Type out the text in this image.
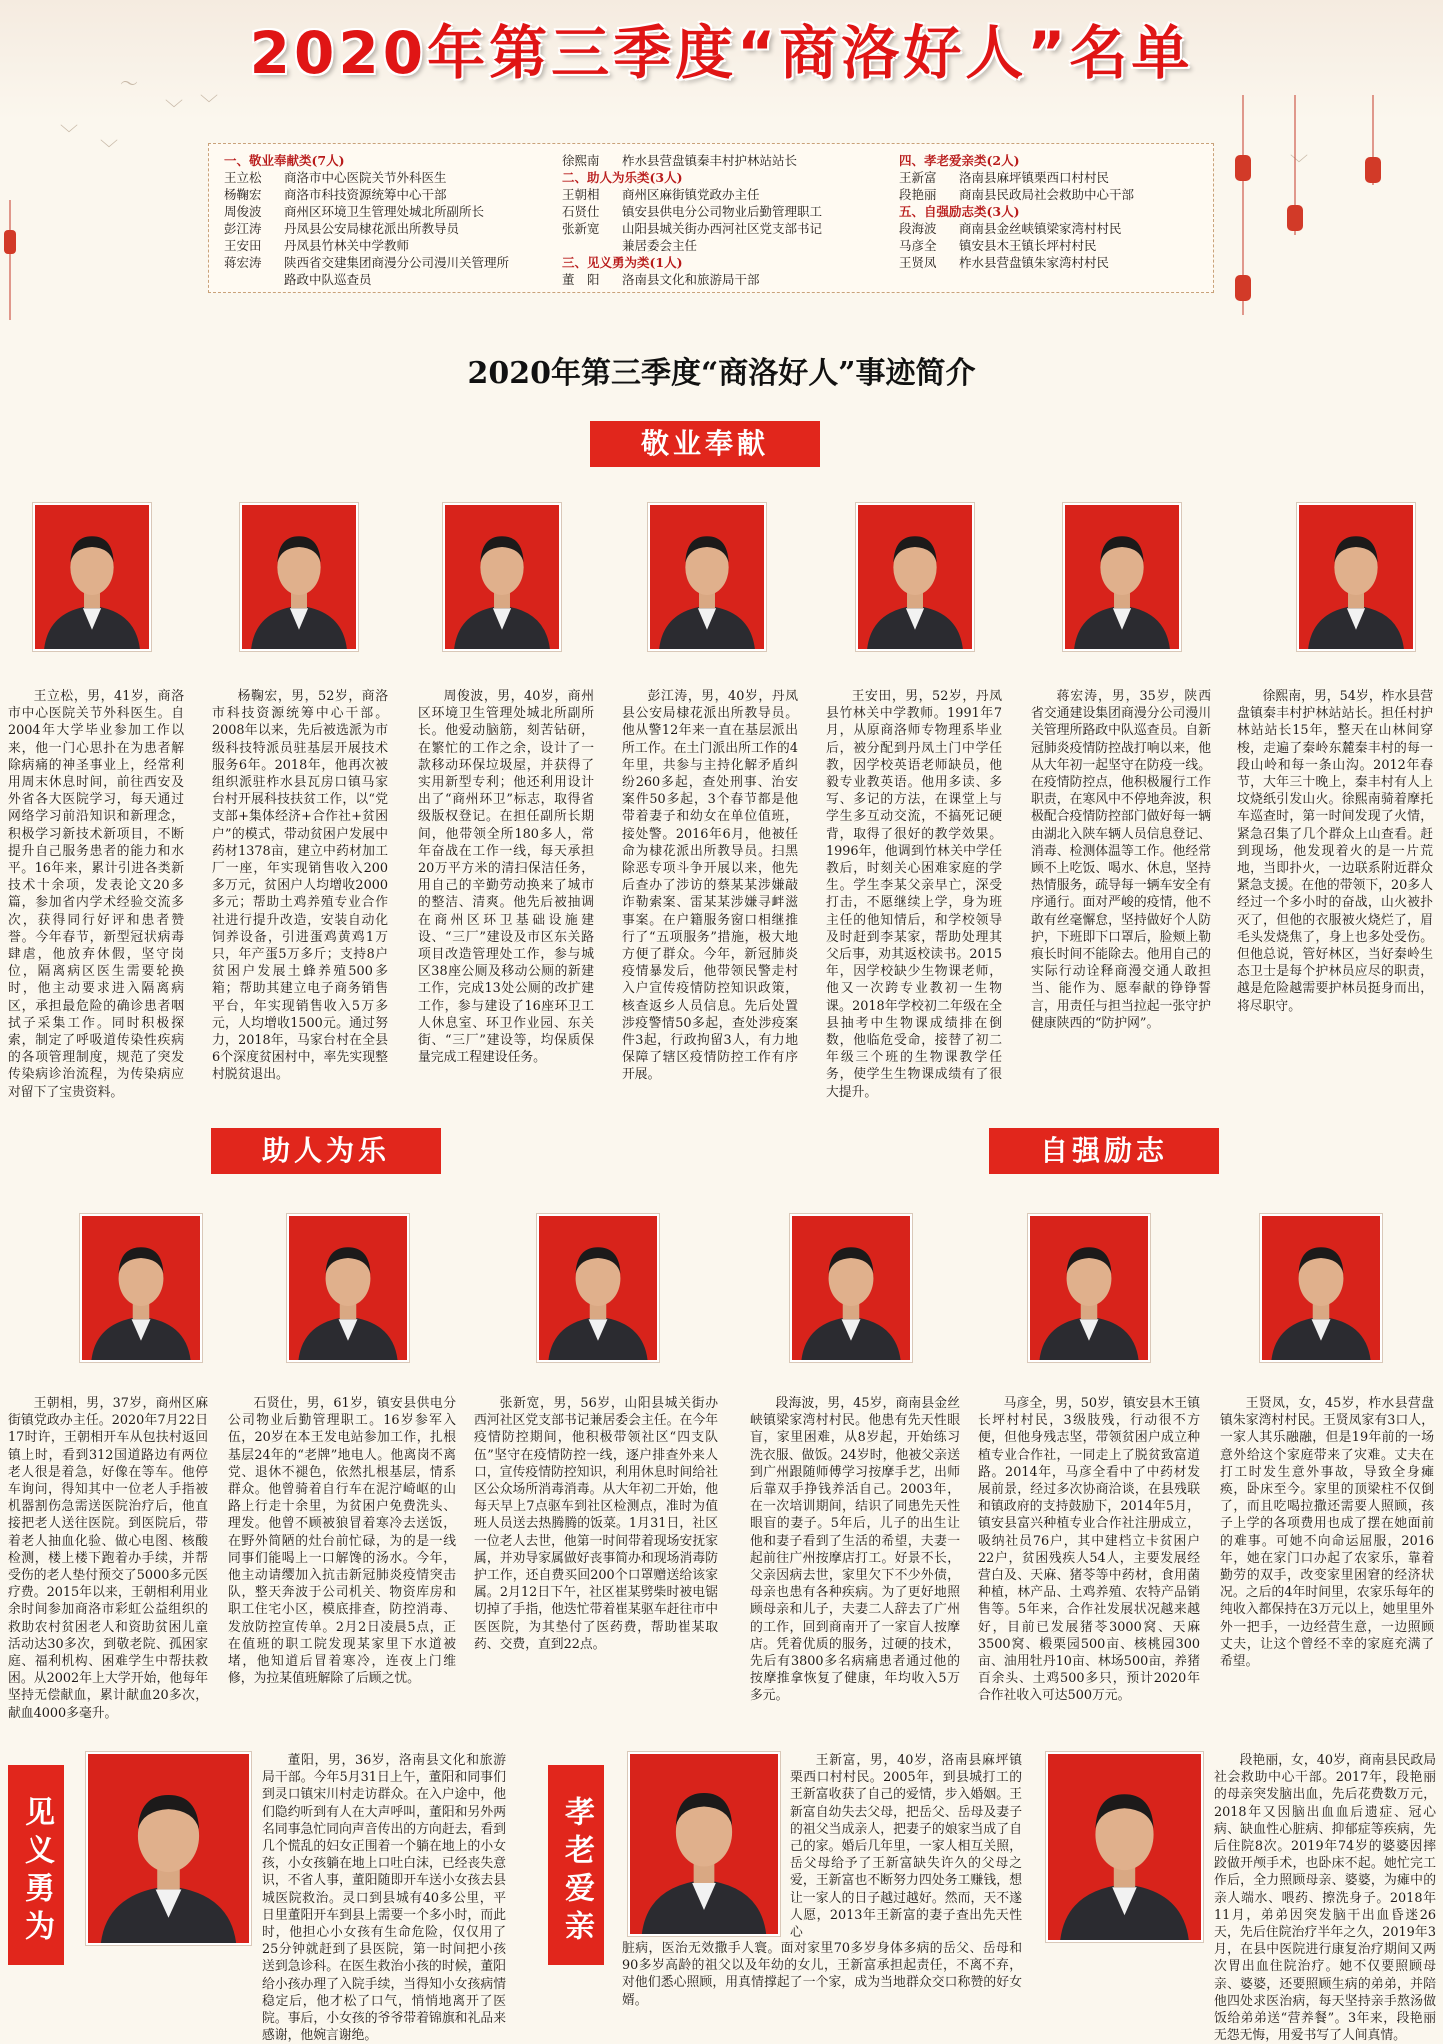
〜
﹀
﹀
﹀
﹀
﹀
2020年第三季度“商洛好人”名单
一、敬业奉献类(7人)
王立松 商洛市中心医院关节外科医生
杨鞠宏 商洛市科技资源统筹中心干部
周俊波 商州区环境卫生管理处城北所副所长
彭江涛 丹凤县公安局棣花派出所教导员
王安田 丹凤县竹林关中学教师
蒋宏涛 陕西省交建集团商漫分公司漫川关管理所
路政中队巡查员
徐熙南 柞水县营盘镇秦丰村护林站站长
二、助人为乐类(3人)
王朝相 商州区麻街镇党政办主任
石贤仕 镇安县供电分公司物业后勤管理职工
张新宽 山阳县城关街办西河社区党支部书记
兼居委会主任
三、见义勇为类(1人)
董　阳 洛南县文化和旅游局干部
四、孝老爱亲类(2人)
王新富 洛南县麻坪镇栗西口村村民
段艳丽 商南县民政局社会救助中心干部
五、自强励志类(3人)
段海波 商南县金丝峡镇梁家湾村村民
马彦全 镇安县木王镇长坪村村民
王贤凤 柞水县营盘镇朱家湾村村民
2020年第三季度“商洛好人”事迹简介
敬业奉献
助人为乐	自强励志
见义勇为	孝老爱亲
王立松，男，41岁，商洛市中心医院关节外科医生。自2004年大学毕业参加工作以来，他一门心思扑在为患者解除病痛的神圣事业上，经常利用周末休息时间，前往西安及外省各大医院学习，每天通过网络学习前沿知识和新理念，积极学习新技术新项目，不断提升自己服务患者的能力和水平。16年来，累计引进各类新技术十余项，发表论文20多篇，参加省内学术经验交流多次，获得同行好评和患者赞誉。今年春节，新型冠状病毒肆虐，他放弃休假，坚守岗位，隔离病区医生需要轮换时，他主动要求进入隔离病区，承担最危险的确诊患者咽拭子采集工作。同时积极探索，制定了呼吸道传染性疾病的各项管理制度，规范了突发传染病诊治流程，为传染病应对留下了宝贵资料。
杨鞠宏，男，52岁，商洛市科技资源统筹中心干部。2008年以来，先后被选派为市级科技特派员驻基层开展技术服务6年。2018年，他再次被组织派驻柞水县瓦房口镇马家台村开展科技扶贫工作，以“党支部+集体经济+合作社+贫困户”的模式，带动贫困户发展中药材1378亩，建立中药材加工厂一座，年实现销售收入200多万元，贫困户人均增收2000多元；帮助土鸡养殖专业合作社进行提升改造，安装自动化饲养设备，引进蛋鸡黄鸡1万只，年产蛋5万多斤；支持8户贫困户发展土蜂养殖500多箱；帮助其建立电子商务销售平台，年实现销售收入5万多元，人均增收1500元。通过努力，2018年，马家台村在全县6个深度贫困村中，率先实现整村脱贫退出。
周俊波，男，40岁，商州区环境卫生管理处城北所副所长。他爱动脑筋，刻苦钻研，在繁忙的工作之余，设计了一款移动环保垃圾屋，并获得了实用新型专利；他还利用设计出了“商州环卫”标志，取得省级版权登记。在担任副所长期间，他带领全所180多人，常年奋战在工作一线，每天承担20万平方米的清扫保洁任务，用自己的辛勤劳动换来了城市的整洁、清爽。他先后被抽调在商州区环卫基础设施建设、“三厂”建设及市区东关路项目改造管理处工作，参与城区38座公厕及移动公厕的新建工作，完成13处公厕的改扩建工作，参与建设了16座环卫工人休息室、环卫作业园、东关街、“三厂”建设等，均保质保量完成工程建设任务。
彭江涛，男，40岁，丹凤县公安局棣花派出所教导员。他从警12年来一直在基层派出所工作。在土门派出所工作的4年里，共参与主持化解矛盾纠纷260多起，查处刑事、治安案件50多起，3个春节都是他带着妻子和幼女在单位值班，接处警。2016年6月，他被任命为棣花派出所教导员。扫黑除恶专项斗争开展以来，他先后查办了涉访的蔡某某涉嫌敲诈勒索案、雷某某涉嫌寻衅滋事案。在户籍服务窗口相继推行了“五项服务”措施，极大地方便了群众。今年，新冠肺炎疫情暴发后，他带领民警走村入户宣传疫情防控知识政策，核查返乡人员信息。先后处置涉疫警情50多起，查处涉疫案件3起，行政拘留3人，有力地保障了辖区疫情防控工作有序开展。
王安田，男，52岁，丹凤县竹林关中学教师。1991年7月，从原商洛师专物理系毕业后，被分配到丹凤土门中学任教，因学校英语老师缺员，他毅专业教英语。他用多读、多写、多记的方法，在课堂上与学生多互动交流，不搞死记硬背，取得了很好的教学效果。1996年，他调到竹林关中学任教后，时刻关心困难家庭的学生。学生李某父亲早亡，深受打击，不愿继续上学，身为班主任的他知情后，和学校领导及时赶到李某家，帮助处理其父后事，劝其返校读书。2015年，因学校缺少生物课老师，他又一次跨专业教初一生物课。2018年学校初二年级在全县抽考中生物课成绩排在倒数，他临危受命，接替了初二年级三个班的生物课教学任务，使学生生物课成绩有了很大提升。
蒋宏涛，男，35岁，陕西省交通建设集团商漫分公司漫川关管理所路政中队巡查员。自新冠肺炎疫情防控战打响以来，他从大年初一起坚守在防疫一线。在疫情防控点，他积极履行工作职责，在寒风中不停地奔波，积极配合疫情防控部门做好每一辆由湖北入陕车辆人员信息登记、消毒、检测体温等工作。他经常顾不上吃饭、喝水、休息，坚持热情服务，疏导每一辆车安全有序通行。面对严峻的疫情，他不敢有丝毫懈怠，坚持做好个人防护，下班即下口罩后，脸颊上勒痕长时间不能除去。他用自己的实际行动诠释商漫交通人敢担当、能作为、愿奉献的铮铮誓言，用责任与担当拉起一张守护健康陕西的“防护网”。
徐熙南，男，54岁，柞水县营盘镇秦丰村护林站站长。担任村护林站站长15年，整天在山林间穿梭，走遍了秦岭东麓秦丰村的每一段山岭和每一条山沟。2012年春节，大年三十晚上，秦丰村有人上坟烧纸引发山火。徐熙南骑着摩托车巡查时，第一时间发现了火情，紧急召集了几个群众上山查看。赶到现场，他发现着火的是一片荒地，当即扑火，一边联系附近群众紧急支援。在他的带领下，20多人经过一个多小时的奋战，山火被扑灭了，但他的衣服被火烧烂了，眉毛头发烧焦了，身上也多处受伤。但他总说，管好林区，当好秦岭生态卫士是每个护林员应尽的职责，越是危险越需要护林员挺身而出，将尽职守。
王朝相，男，37岁，商州区麻街镇党政办主任。2020年7月22日17时许，王朝相开车从包扶村返回镇上时，看到312国道路边有两位老人很是着急，好像在等车。他停车询问，得知其中一位老人手指被机器割伤急需送医院治疗后，他直接把老人送往医院。到医院后，带着老人抽血化验、做心电图、核酸检测，楼上楼下跑着办手续，并帮受伤的老人垫付预交了5000多元医疗费。2015年以来，王朝相利用业余时间参加商洛市彩虹公益组织的救助农村贫困老人和资助贫困儿童活动达30多次，到敬老院、孤困家庭、福利机构、困难学生中帮扶救困。从2002年上大学开始，他每年坚持无偿献血，累计献血20多次，献血4000多毫升。
石贤仕，男，61岁，镇安县供电分公司物业后勤管理职工。16岁参军入伍，20岁在本王发电站参加工作，扎根基层24年的“老牌”地电人。他离岗不离党、退休不褪色，依然扎根基层，情系群众。他曾骑着自行车在泥泞崎岖的山路上行走十余里，为贫困户免费洗头、理发。他曾不顾被狼冒着寒冷去送饭，在野外简陋的灶台前忙碌，为的是一线同事们能喝上一口解馋的汤水。今年，他主动请缨加入抗击新冠肺炎疫情突击队，整天奔波于公司机关、物资库房和职工住宅小区，模底排查，防控消毒、发放防控宣传单。2月2日凌晨5点，正在值班的职工院发现某家里下水道被堵，他知道后冒着寒冷，连夜上门维修，为拉某值班解除了后顾之忧。
张新宽，男，56岁，山阳县城关街办西河社区党支部书记兼居委会主任。在今年疫情防控期间，他积极带领社区“四支队伍”坚守在疫情防控一线，逐户排查外来人口，宣传疫情防控知识，利用休息时间给社区公众场所消毒消毒。从大年初二开始，他每天早上7点驱车到社区检测点，准时为值班人员送去热腾腾的饭菜。1月31日，社区一位老人去世，他第一时间带着现场安抚家属，并劝导家属做好丧事简办和现场消毒防护工作，还自费买回200个口罩赠送给该家属。2月12日下午，社区崔某劈柴时被电锯切掉了手指，他迭忙带着崔某驱车赶往市中医医院，为其垫付了医药费，帮助崔某取药、交费，直到22点。
段海波，男，45岁，商南县金丝峡镇梁家湾村村民。他患有先天性眼盲，家里困难，从8岁起，开始练习洗衣服、做饭。24岁时，他被父亲送到广州跟随师傅学习按摩手艺，出师后靠双手挣钱养活自己。2003年，在一次培训期间，结识了同患先天性眼盲的妻子。5年后，儿子的出生让他和妻子看到了生活的希望，夫妻一起前往广州按摩店打工。好景不长，父亲因病去世，家里欠下不少外债，母亲也患有各种疾病。为了更好地照顾母亲和儿子，夫妻二人辞去了广州的工作，回到商南开了一家盲人按摩店。凭着优质的服务，过硬的技术，先后有3800多名病痛患者通过他的按摩推拿恢复了健康，年均收入5万多元。
马彦全，男，50岁，镇安县木王镇长坪村村民，3级肢残，行动很不方便，但他身残志坚，带领贫困户成立种植专业合作社，一同走上了脱贫致富道路。2014年，马彦全看中了中药材发展前景，经过多次协商洽谈，在县残联和镇政府的支持鼓励下，2014年5月，镇安县富兴种植专业合作社注册成立，吸纳社员76户，其中建档立卡贫困户22户，贫困残疾人54人，主要发展经营白及、天麻、猪苓等中药材，食用菌种植，林产品、土鸡养殖、农特产品销售等。5年来，合作社发展状况越来越好，目前已发展猪苓3000窝、天麻3500窝、椴栗园500亩、核桃园300亩、油用牡丹10亩、林场500亩，养猪百余头、土鸡500多只，预计2020年合作社收入可达500万元。
王贤凤，女，45岁，柞水县营盘镇朱家湾村村民。王贤凤家有3口人，一家人其乐融融，但是19年前的一场意外给这个家庭带来了灾难。丈夫在打工时发生意外事故，导致全身瘫痪，卧床至今。家里的顶梁柱不仅倒了，而且吃喝拉撒还需要人照顾，孩子上学的各项费用也成了摆在她面前的难事。可她不向命运屈服，2016年，她在家门口办起了农家乐，靠着勤劳的双手，改变家里困窘的经济状况。之后的4年时间里，农家乐每年的纯收入都保持在3万元以上，她里里外外一把手，一边经营生意，一边照顾丈夫，让这个曾经不幸的家庭充满了希望。
董阳，男，36岁，洛南县文化和旅游局干部。今年5月31日上午，董阳和同事们到灵口镇宋川村走访群众。在入户途中，他们隐约听到有人在大声呼叫，董阳和另外两名同事急忙同向声音传出的方向赶去，看到几个慌乱的妇女正围着一个躺在地上的小女孩，小女孩躺在地上口吐白沫，已经丧失意识，不省人事，董阳随即开车送小女孩去县城医院救治。灵口到县城有40多公里，平日里董阳开车到县上需要一个多小时，而此时，他担心小女孩有生命危险，仅仅用了25分钟就赶到了县医院，第一时间把小孩送到急诊科。在医生救治小孩的时候，董阳给小孩办理了入院手续，当得知小女孩病情稳定后，他才松了口气，悄悄地离开了医院。事后，小女孩的爷爷带着锦旗和礼品来感谢，他婉言谢绝。
王新富，男，40岁，洛南县麻坪镇栗西口村村民。2005年，到县城打工的王新富收获了自己的爱情，步入婚姻。王新富自幼失去父母，把岳父、岳母及妻子的祖父当成亲人，把妻子的娘家当成了自己的家。婚后几年里，一家人相互关照，岳父母给予了王新富缺失许久的父母之爱，王新富也不断努力四处务工赚钱，想让一家人的日子越过越好。然而，天不遂人愿，2013年王新富的妻子查出先天性心
脏病，医治无效撒手人寰。面对家里70多岁身体多病的岳父、岳母和90多岁高龄的祖父以及年幼的女儿，王新富承担起责任，不离不弃，对他们悉心照顾，用真情撑起了一个家，成为当地群众交口称赞的好女婿。
段艳丽，女，40岁，商南县民政局社会救助中心干部。2017年，段艳丽的母亲突发脑出血，先后花费数万元，2018年又因脑出血血后遗症、冠心病、缺血性心脏病、抑郁症等疾病，先后住院8次。2019年74岁的婆婆因摔跤做开颅手术，也卧床不起。她忙完工作后，全力照顾母亲、婆婆，为瘫中的亲人端水、喂药、擦洗身子。2018年11月，弟弟因突发脑干出血昏迷26天，先后住院治疗半年之久，2019年3月，在县中医院进行康复治疗期间又两次胃出血住院治疗。她不仅要照顾母亲、婆婆，还要照顾生病的弟弟，并陪他四处求医治病，每天坚持亲手熬汤做饭给弟弟送“营养餐”。3年来，段艳丽无怨无悔，用爱书写了人间真情。
